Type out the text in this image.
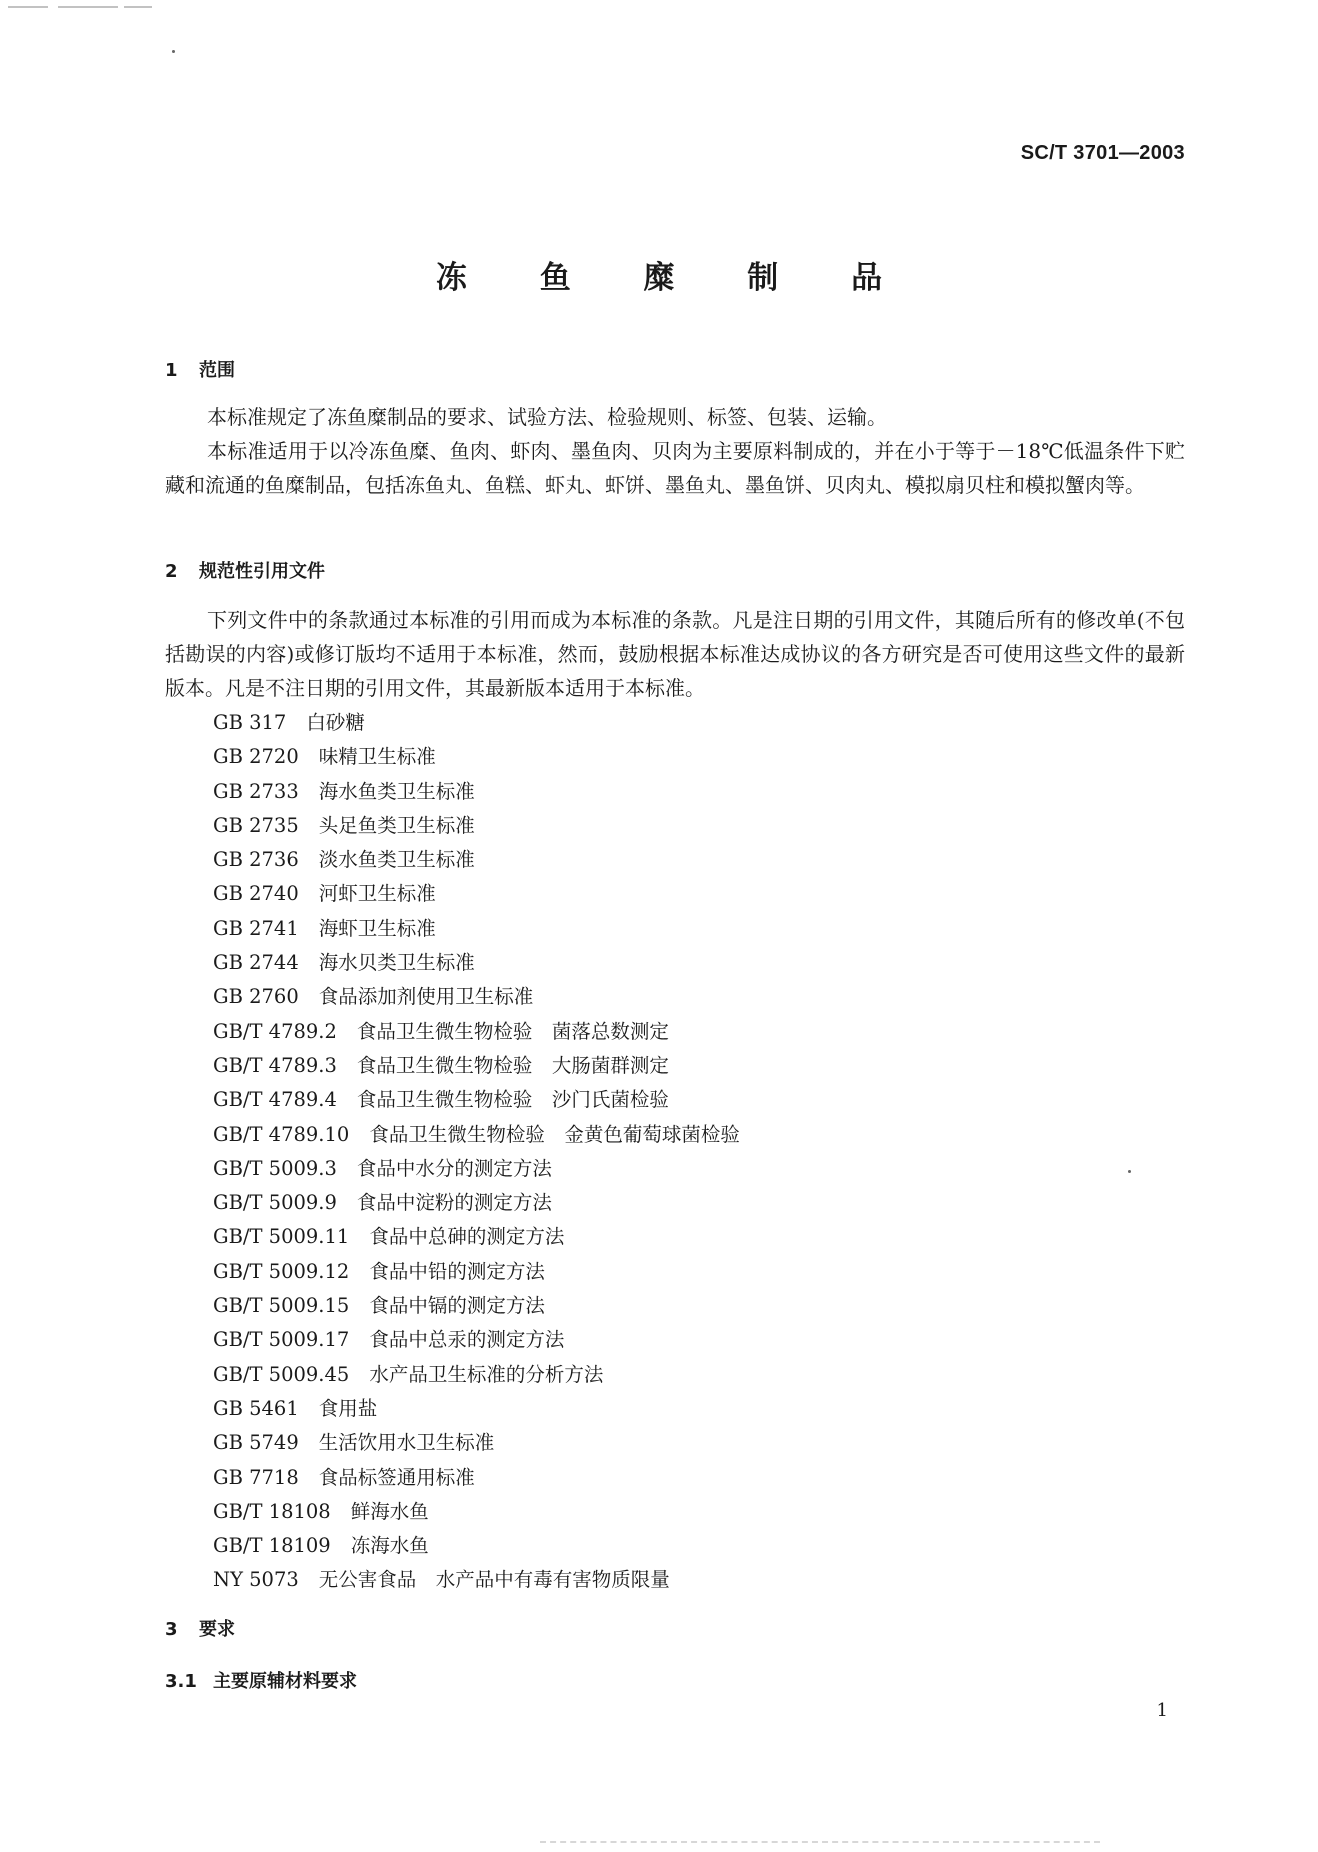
SC/T 3701—2003
冻 鱼 糜 制 品
1 范围

本标准规定了冻鱼糜制品的要求、试验方法、检验规则、标签、包装、运输。

本标准适用于以冷冻鱼糜、鱼肉、虾肉、墨鱼肉、贝肉为主要原料制成的，并在小于等于－18℃低温条件下贮藏和流通的鱼糜制品，包括冻鱼丸、鱼糕、虾丸、虾饼、墨鱼丸、墨鱼饼、贝肉丸、模拟扇贝柱和模拟蟹肉等。

2 规范性引用文件

下列文件中的条款通过本标准的引用而成为本标准的条款。凡是注日期的引用文件，其随后所有的修改单(不包括勘误的内容)或修订版均不适用于本标准，然而，鼓励根据本标准达成协议的各方研究是否可使用这些文件的最新版本。凡是不注日期的引用文件，其最新版本适用于本标准。

GB 317 白砂糖
GB 2720 味精卫生标准
GB 2733 海水鱼类卫生标准
GB 2735 头足鱼类卫生标准
GB 2736 淡水鱼类卫生标准
GB 2740 河虾卫生标准
GB 2741 海虾卫生标准
GB 2744 海水贝类卫生标准
GB 2760 食品添加剂使用卫生标准
GB/T 4789.2 食品卫生微生物检验　菌落总数测定
GB/T 4789.3 食品卫生微生物检验　大肠菌群测定
GB/T 4789.4 食品卫生微生物检验　沙门氏菌检验
GB/T 4789.10 食品卫生微生物检验　金黄色葡萄球菌检验
GB/T 5009.3 食品中水分的测定方法
GB/T 5009.9 食品中淀粉的测定方法
GB/T 5009.11 食品中总砷的测定方法
GB/T 5009.12 食品中铅的测定方法
GB/T 5009.15 食品中镉的测定方法
GB/T 5009.17 食品中总汞的测定方法
GB/T 5009.45 水产品卫生标准的分析方法
GB 5461 食用盐
GB 5749 生活饮用水卫生标准
GB 7718 食品标签通用标准
GB/T 18108 鲜海水鱼
GB/T 18109 冻海水鱼
NY 5073 无公害食品　水产品中有毒有害物质限量
3 要求
3.1 主要原辅材料要求
1
